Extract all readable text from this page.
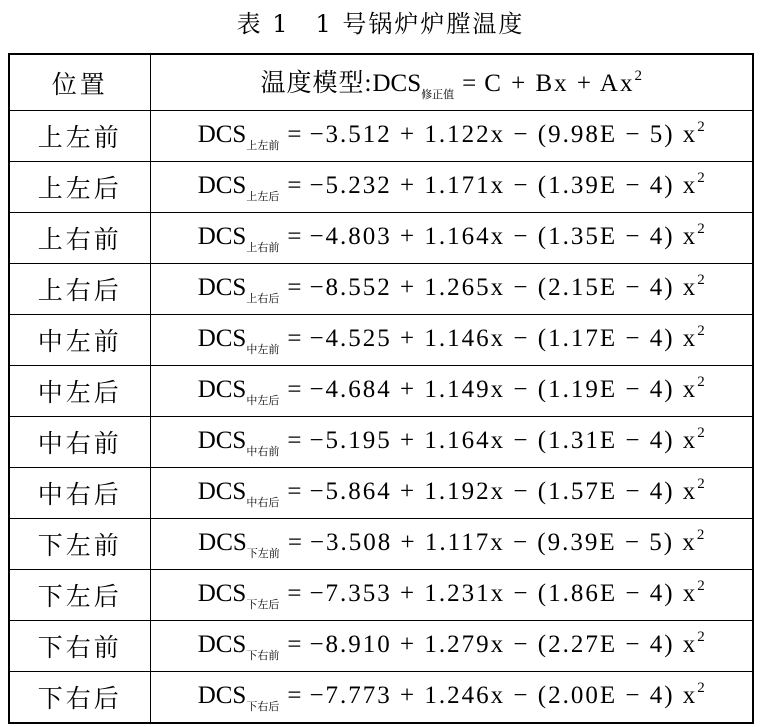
表 1　1 号锅炉炉膛温度
位置	温度模型$:DCS_{修正值} = C + Bx + Ax^2$
上左前	$DCS_{上左前} = -3.512 + 1.122x - (9.98E - 5)$ $x^2$
上左后	$DCS_{上左后} = -5.232 + 1.171x - (1.39E - 4)$ $x^2$
上右前	$DCS_{上右前} = -4.803 + 1.164x - (1.35E - 4)$ $x^2$
上右后	$DCS_{上右后} = -8.552 + 1.265x - (2.15E - 4)$ $x^2$
中左前	$DCS_{中左前} = -4.525 + 1.146x - (1.17E - 4)$ $x^2$
中左后	$DCS_{中左后} = -4.684 + 1.149x - (1.19E - 4)$ $x^2$
中右前	$DCS_{中右前} = -5.195 + 1.164x - (1.31E - 4)$ $x^2$
中右后	$DCS_{中右后} = -5.864 + 1.192x - (1.57E - 4)$ $x^2$
下左前	$DCS_{下左前} = -3.508 + 1.117x - (9.39E - 5)$ $x^2$
下左后	$DCS_{下左后} = -7.353 + 1.231x - (1.86E - 4)$ $x^2$
下右前	$DCS_{下右前} = -8.910 + 1.279x - (2.27E - 4)$ $x^2$
下右后	$DCS_{下右后} = -7.773 + 1.246x - (2.00E - 4)$ $x^2$
